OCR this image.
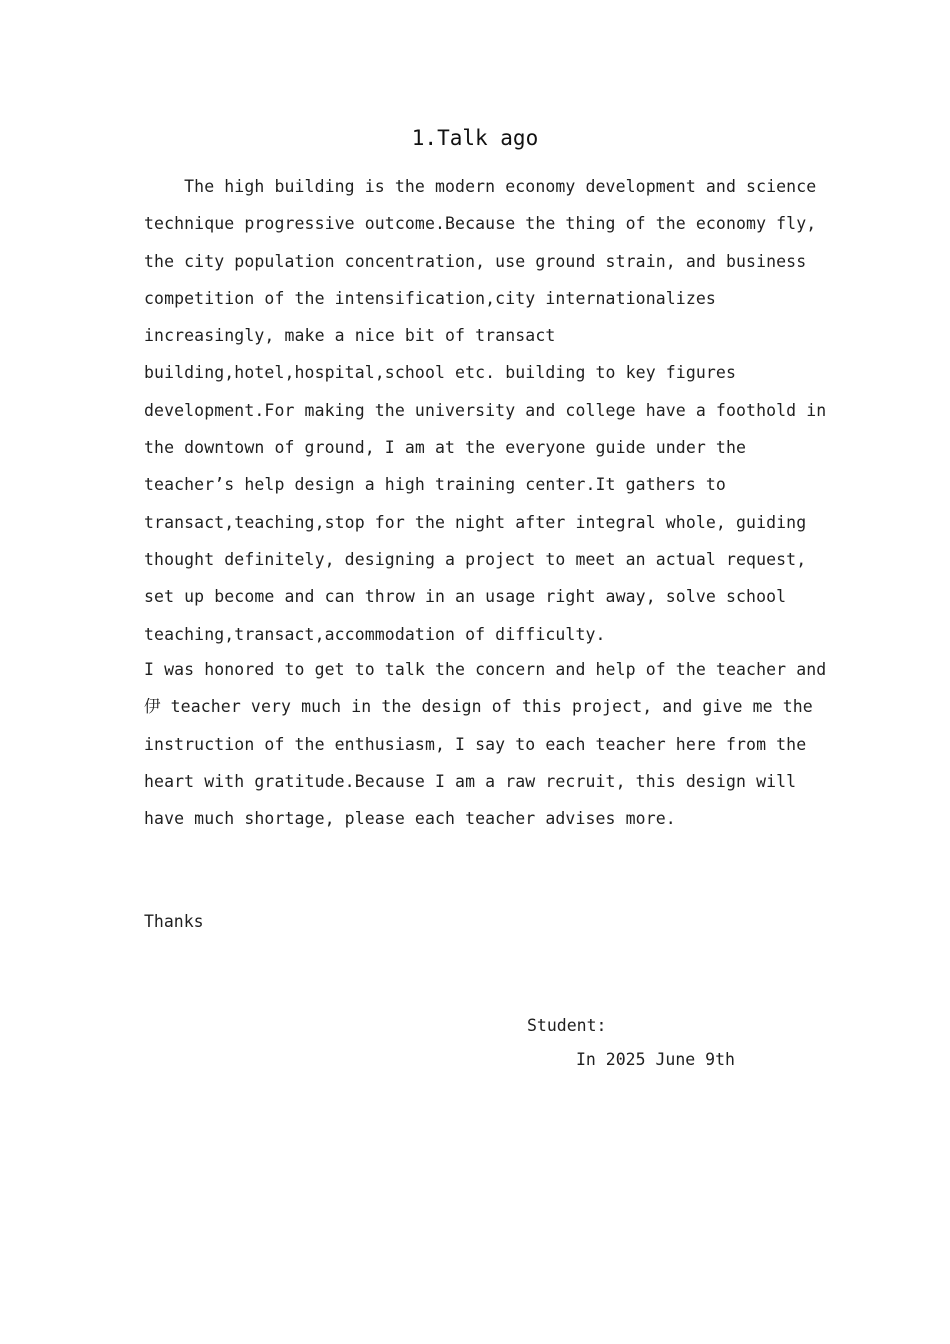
1.Talk ago
The high building is the modern economy development and science
technique progressive outcome.Because the thing of the economy fly,
the city population concentration, use ground strain, and business
competition of the intensification,city internationalizes
increasingly, make a nice bit of transact
building,hotel,hospital,school etc. building to key figures
development.For making the university and college have a foothold in
the downtown of ground, I am at the everyone guide under the
teacher’s help design a high training center.It gathers to
transact,teaching,stop for the night after integral whole, guiding
thought definitely, designing a project to meet an actual request,
set up become and can throw in an usage right away, solve school
teaching,transact,accommodation of difficulty.
I was honored to get to talk the concern and help of the teacher and
伊 teacher very much in the design of this project, and give me the
instruction of the enthusiasm, I say to each teacher here from the
heart with gratitude.Because I am a raw recruit, this design will
have much shortage, please each teacher advises more.
Thanks
Student:
In 2025 June 9th
